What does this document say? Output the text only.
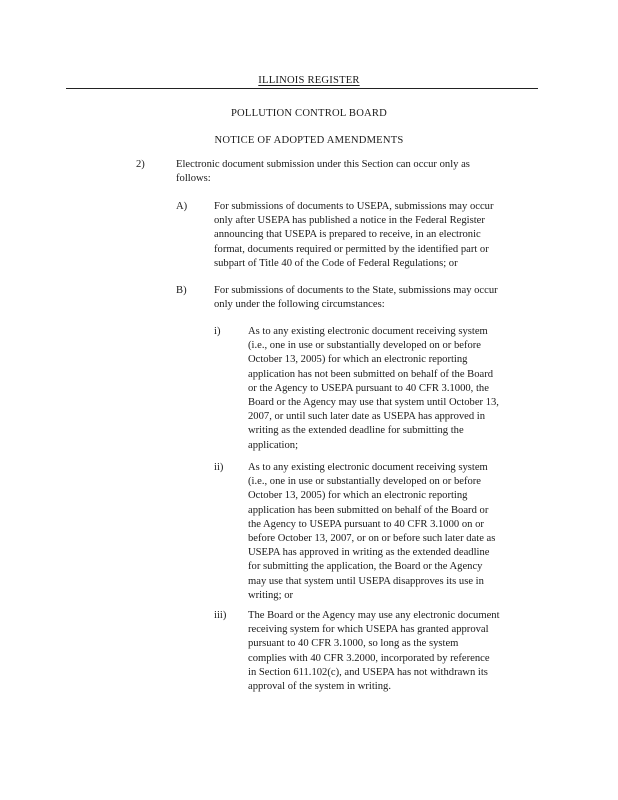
ILLINOIS REGISTER
POLLUTION CONTROL BOARD
NOTICE OF ADOPTED AMENDMENTS
2)	Electronic document submission under this Section can occur only as
follows:
A)	For submissions of documents to USEPA, submissions may occur
only after USEPA has published a notice in the Federal Register
announcing that USEPA is prepared to receive, in an electronic
format, documents required or permitted by the identified part or
subpart of Title 40 of the Code of Federal Regulations; or
B)	For submissions of documents to the State, submissions may occur
only under the following circumstances:
i)	As to any existing electronic document receiving system
(i.e., one in use or substantially developed on or before
October 13, 2005) for which an electronic reporting
application has not been submitted on behalf of the Board
or the Agency to USEPA pursuant to 40 CFR 3.1000, the
Board or the Agency may use that system until October 13,
2007, or until such later date as USEPA has approved in
writing as the extended deadline for submitting the
application;
ii) As to any existing electronic document receiving system
(i.e., one in use or substantially developed on or before
October 13, 2005) for which an electronic reporting
application has been submitted on behalf of the Board or
the Agency to USEPA pursuant to 40 CFR 3.1000 on or
before October 13, 2007, or on or before such later date as
USEPA has approved in writing as the extended deadline
for submitting the application, the Board or the Agency
may use that system until USEPA disapproves its use in
writing; or
iii) The Board or the Agency may use any electronic document
receiving system for which USEPA has granted approval
pursuant to 40 CFR 3.1000, so long as the system
complies with 40 CFR 3.2000, incorporated by reference
in Section 611.102(c), and USEPA has not withdrawn its
approval of the system in writing.
